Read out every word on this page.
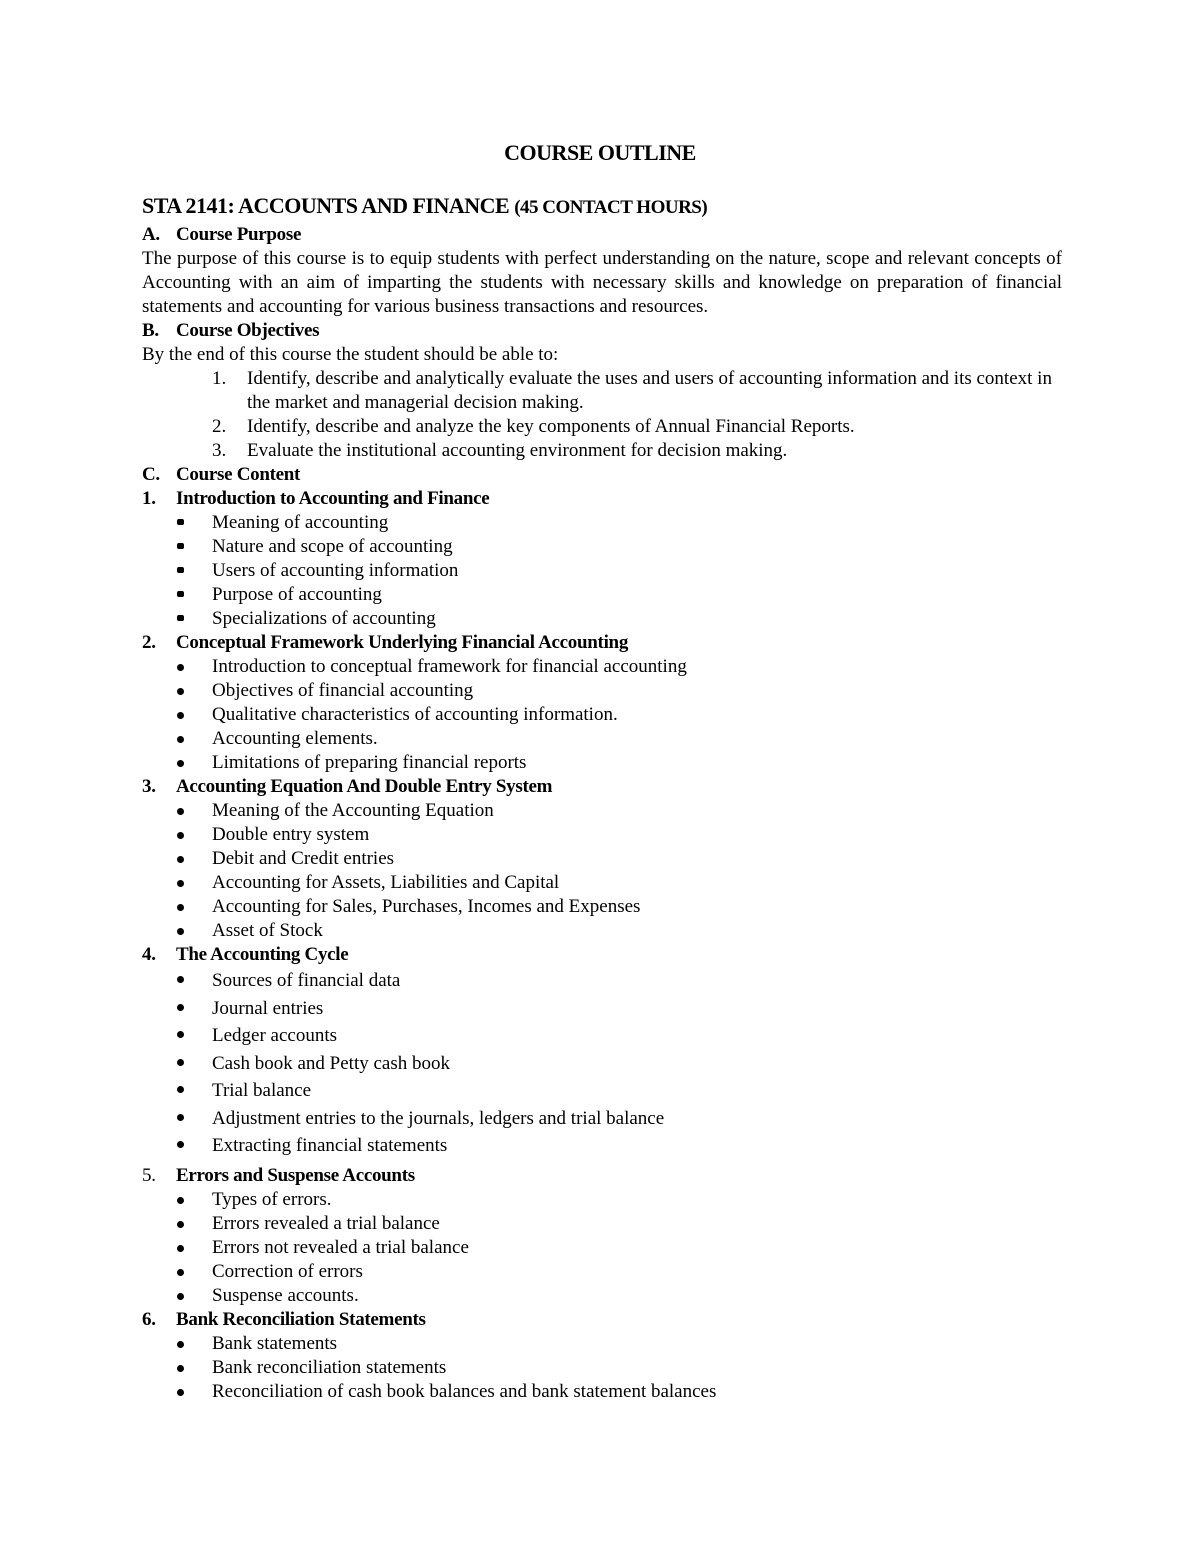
COURSE OUTLINE
STA 2141: ACCOUNTS AND FINANCE (45 CONTACT HOURS)
A. Course Purpose
The purpose of this course is to equip students with perfect understanding on the nature, scope and relevant concepts of Accounting with an aim of imparting the students with necessary skills and knowledge on preparation of financial statements and accounting for various business transactions and resources.
B. Course Objectives
By the end of this course the student should be able to:
1. Identify, describe and analytically evaluate the uses and users of accounting information and its context in the market and managerial decision making.
2. Identify, describe and analyze the key components of Annual Financial Reports.
3. Evaluate the institutional accounting environment for decision making.
C. Course Content
1. Introduction to Accounting and Finance
Meaning of accounting
Nature and scope of accounting
Users of accounting information
Purpose of accounting
Specializations of accounting
2. Conceptual Framework Underlying Financial Accounting
Introduction to conceptual framework for financial accounting
Objectives of financial accounting
Qualitative characteristics of accounting information.
Accounting elements.
Limitations of preparing financial reports
3. Accounting Equation And Double Entry System
Meaning of the Accounting Equation
Double entry system
Debit and Credit entries
Accounting for Assets, Liabilities and Capital
Accounting for Sales, Purchases, Incomes and Expenses
Asset of Stock
4. The Accounting Cycle
Sources of financial data
Journal entries
Ledger accounts
Cash book and Petty cash book
Trial balance
Adjustment entries to the journals, ledgers and trial balance
Extracting financial statements
5. Errors and Suspense Accounts
Types of errors.
Errors revealed a trial balance
Errors not revealed a trial balance
Correction of errors
Suspense accounts.
6. Bank Reconciliation Statements
Bank statements
Bank reconciliation statements
Reconciliation of cash book balances and bank statement balances
